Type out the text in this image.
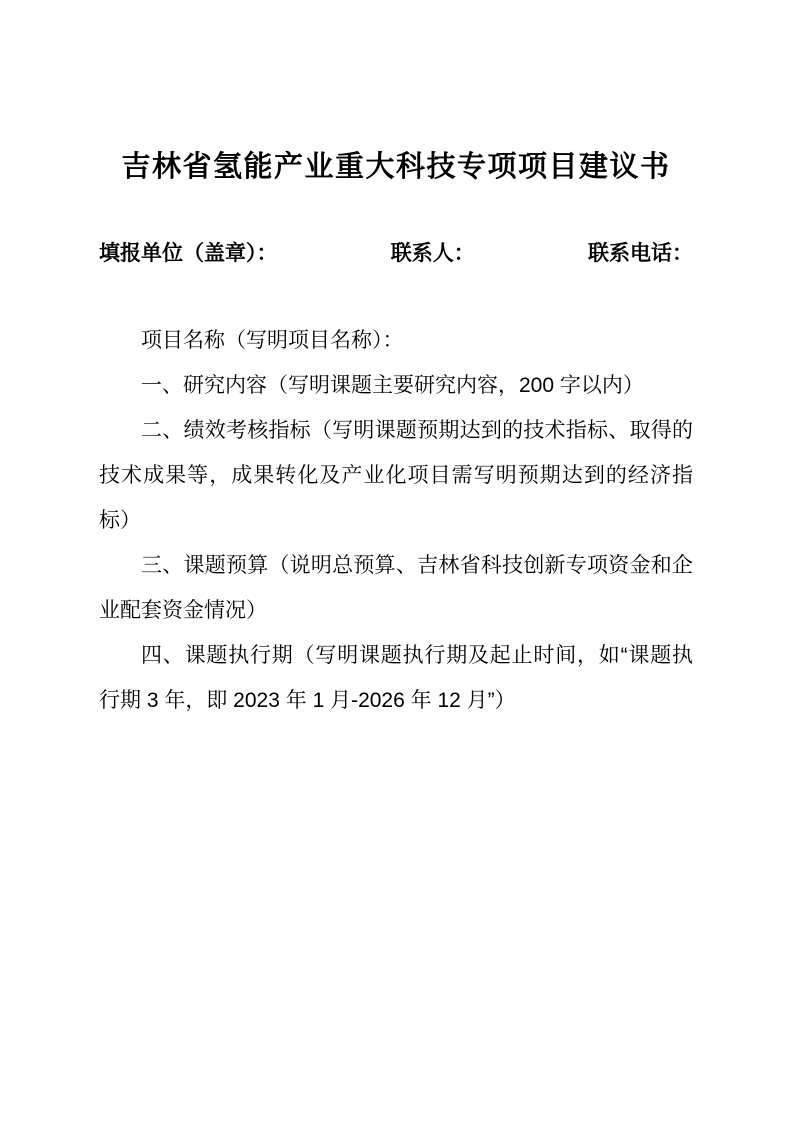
吉林省氢能产业重大科技专项项目建议书
填报单位（盖章）：	联系人：	联系电话：

项目名称（写明项目名称）：

一、研究内容（写明课题主要研究内容，200 字以内）

二、绩效考核指标（写明课题预期达到的技术指标、取得的技术成果等，成果转化及产业化项目需写明预期达到的经济指标）

三、课题预算（说明总预算、吉林省科技创新专项资金和企业配套资金情况）

四、课题执行期（写明课题执行期及起止时间，如“课题执行期 3 年，即 2023 年 1 月-2026 年 12 月”）
